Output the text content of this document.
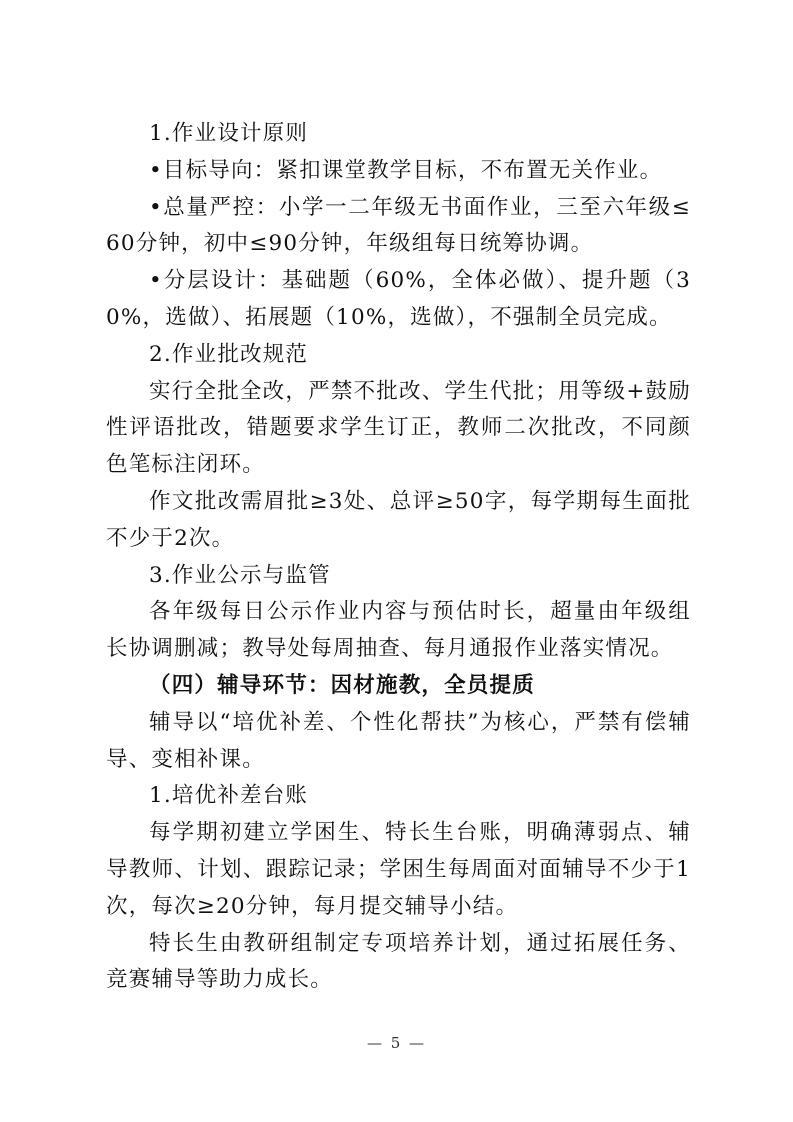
1.作业设计原则

•目标导向：紧扣课堂教学目标，不布置无关作业。

•总量严控：小学一二年级无书面作业，三至六年级≤60分钟，初中≤90分钟，年级组每日统筹协调。

•分层设计：基础题（60%，全体必做）、提升题（30%，选做）、拓展题（10%，选做），不强制全员完成。

2.作业批改规范

实行全批全改，严禁不批改、学生代批；用等级+鼓励性评语批改，错题要求学生订正，教师二次批改，不同颜色笔标注闭环。

作文批改需眉批≥3处、总评≥50字，每学期每生面批不少于2次。

3.作业公示与监管

各年级每日公示作业内容与预估时长，超量由年级组长协调删减；教导处每周抽查、每月通报作业落实情况。

（四）辅导环节：因材施教，全员提质

辅导以“培优补差、个性化帮扶”为核心，严禁有偿辅导、变相补课。

1.培优补差台账

每学期初建立学困生、特长生台账，明确薄弱点、辅导教师、计划、跟踪记录；学困生每周面对面辅导不少于1次，每次≥20分钟，每月提交辅导小结。

特长生由教研组制定专项培养计划，通过拓展任务、竞赛辅导等助力成长。

— 5 —
